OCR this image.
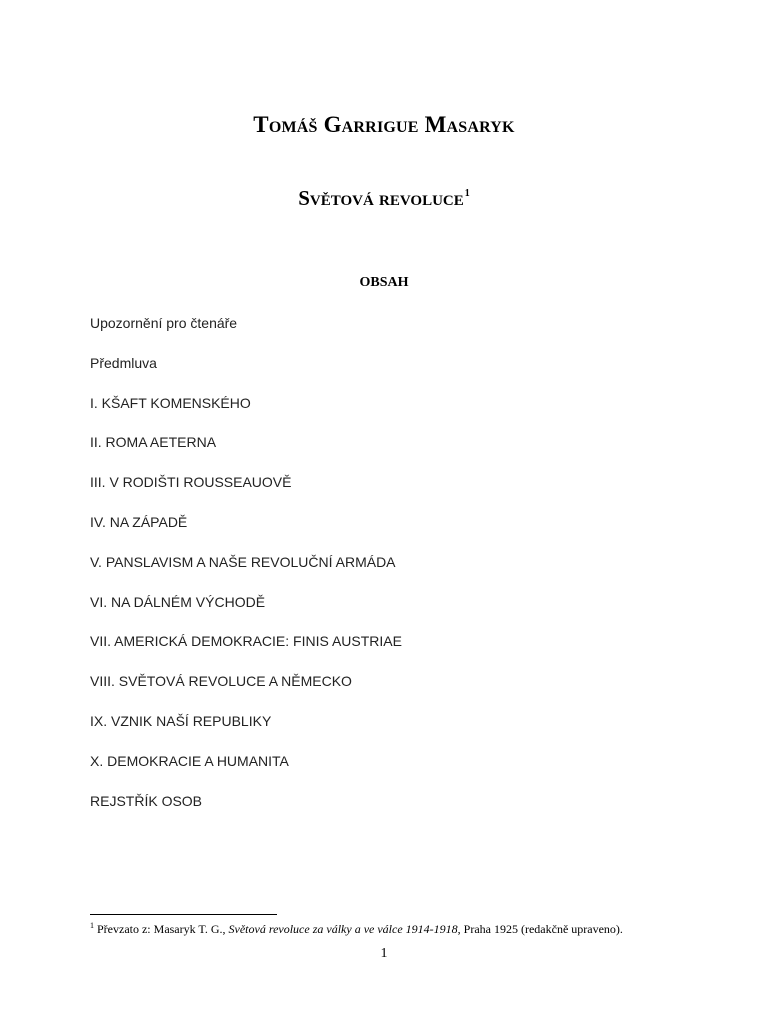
Tomáš Garrigue Masaryk
Světová revoluce$^1$
OBSAH
Upozornění pro čtenáře
Předmluva
I. KŠAFT KOMENSKÉHO
II. ROMA AETERNA
III. V RODIŠTI ROUSSEAUOVĚ
IV. NA ZÁPADĚ
V. PANSLAVISM A NAŠE REVOLUČNÍ ARMÁDA
VI. NA DÁLNÉM VÝCHODĚ
VII. AMERICKÁ DEMOKRACIE: FINIS AUSTRIAE
VIII. SVĚTOVÁ REVOLUCE A NĚMECKO
IX. VZNIK NAŠÍ REPUBLIKY
X. DEMOKRACIE A HUMANITA
REJSTŘÍK OSOB
$^1$ Převzato z: Masaryk T. G., Světová revoluce za války a ve válce 1914-1918, Praha 1925 (redakčně upraveno).
1
